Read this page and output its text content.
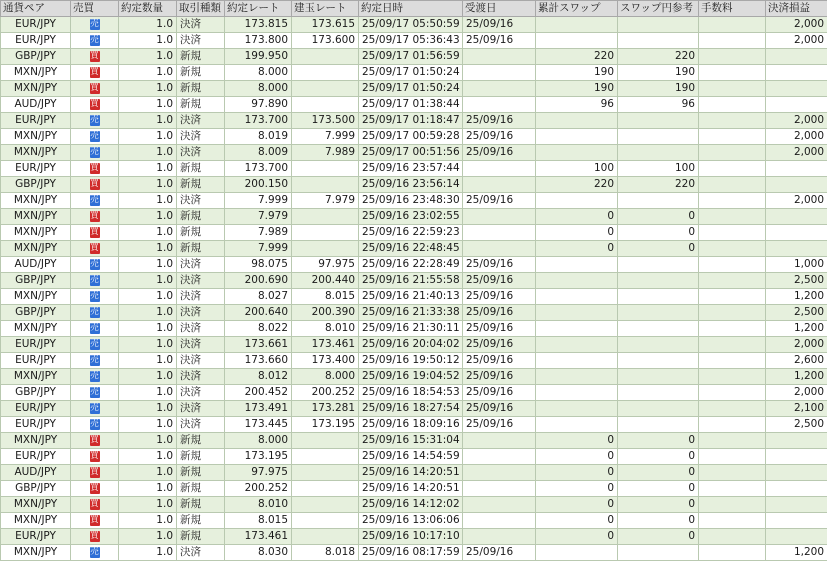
通貨ペア	売買	約定数量	取引種類	約定レート	建玉レート	約定日時	受渡日	累計スワップ	スワップ円参考	手数料	決済損益
EUR/JPY	売	1.0	決済	173.815	173.615	25/09/17 05:50:59	25/09/16				2,000
EUR/JPY	売	1.0	決済	173.800	173.600	25/09/17 05:36:43	25/09/16				2,000
GBP/JPY	買	1.0	新規	199.950		25/09/17 01:56:59		220	220		
MXN/JPY	買	1.0	新規	8.000		25/09/17 01:50:24		190	190		
MXN/JPY	買	1.0	新規	8.000		25/09/17 01:50:24		190	190		
AUD/JPY	買	1.0	新規	97.890		25/09/17 01:38:44		96	96		
EUR/JPY	売	1.0	決済	173.700	173.500	25/09/17 01:18:47	25/09/16				2,000
MXN/JPY	売	1.0	決済	8.019	7.999	25/09/17 00:59:28	25/09/16				2,000
MXN/JPY	売	1.0	決済	8.009	7.989	25/09/17 00:51:56	25/09/16				2,000
EUR/JPY	買	1.0	新規	173.700		25/09/16 23:57:44		100	100		
GBP/JPY	買	1.0	新規	200.150		25/09/16 23:56:14		220	220		
MXN/JPY	売	1.0	決済	7.999	7.979	25/09/16 23:48:30	25/09/16				2,000
MXN/JPY	買	1.0	新規	7.979		25/09/16 23:02:55		0	0		
MXN/JPY	買	1.0	新規	7.989		25/09/16 22:59:23		0	0		
MXN/JPY	買	1.0	新規	7.999		25/09/16 22:48:45		0	0		
AUD/JPY	売	1.0	決済	98.075	97.975	25/09/16 22:28:49	25/09/16				1,000
GBP/JPY	売	1.0	決済	200.690	200.440	25/09/16 21:55:58	25/09/16				2,500
MXN/JPY	売	1.0	決済	8.027	8.015	25/09/16 21:40:13	25/09/16				1,200
GBP/JPY	売	1.0	決済	200.640	200.390	25/09/16 21:33:38	25/09/16				2,500
MXN/JPY	売	1.0	決済	8.022	8.010	25/09/16 21:30:11	25/09/16				1,200
EUR/JPY	売	1.0	決済	173.661	173.461	25/09/16 20:04:02	25/09/16				2,000
EUR/JPY	売	1.0	決済	173.660	173.400	25/09/16 19:50:12	25/09/16				2,600
MXN/JPY	売	1.0	決済	8.012	8.000	25/09/16 19:04:52	25/09/16				1,200
GBP/JPY	売	1.0	決済	200.452	200.252	25/09/16 18:54:53	25/09/16				2,000
EUR/JPY	売	1.0	決済	173.491	173.281	25/09/16 18:27:54	25/09/16				2,100
EUR/JPY	売	1.0	決済	173.445	173.195	25/09/16 18:09:16	25/09/16				2,500
MXN/JPY	買	1.0	新規	8.000		25/09/16 15:31:04		0	0		
EUR/JPY	買	1.0	新規	173.195		25/09/16 14:54:59		0	0		
AUD/JPY	買	1.0	新規	97.975		25/09/16 14:20:51		0	0		
GBP/JPY	買	1.0	新規	200.252		25/09/16 14:20:51		0	0		
MXN/JPY	買	1.0	新規	8.010		25/09/16 14:12:02		0	0		
MXN/JPY	買	1.0	新規	8.015		25/09/16 13:06:06		0	0		
EUR/JPY	買	1.0	新規	173.461		25/09/16 10:17:10		0	0		
MXN/JPY	売	1.0	決済	8.030	8.018	25/09/16 08:17:59	25/09/16				1,200
